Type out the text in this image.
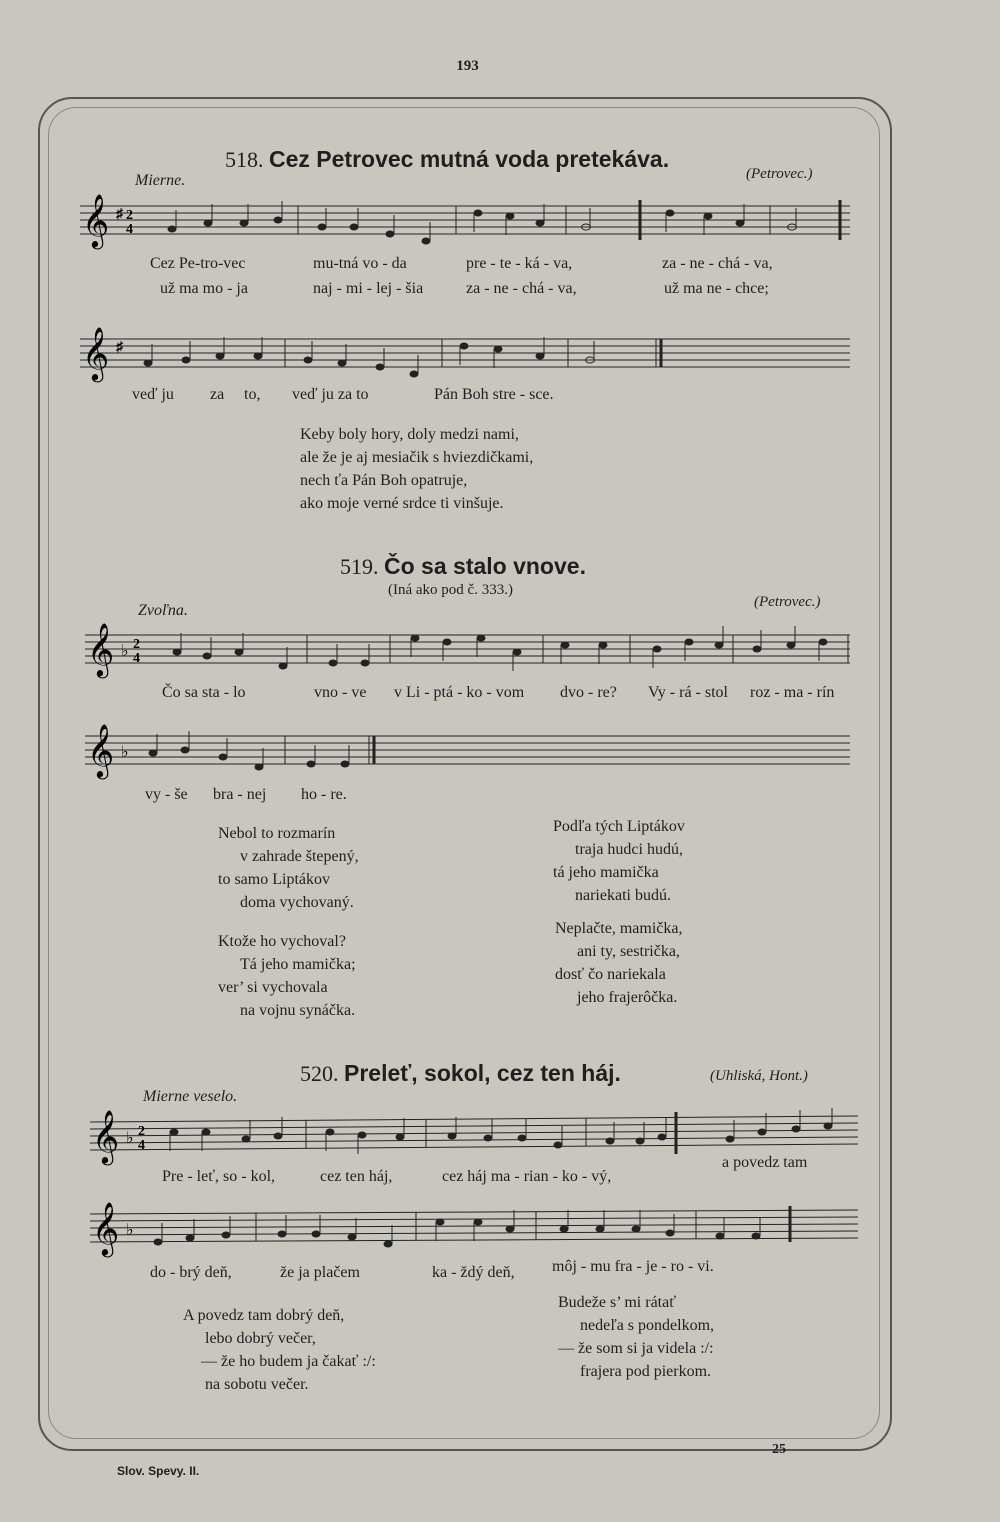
193
518. Cez Petrovec mutná voda pretekáva.
Mierne.	(Petrovec.)
𝄞 ♯ 2
4
Cez Pe-tro-vec	mu-tná vo - da	pre - te - ká - va,	za - ne - chá - va,
už ma mo - ja	naj - mi - lej - šia	za - ne - chá - va,	už ma ne - chce;
𝄞 ♯
veď ju za to, veď ju za to	Pán Boh stre - sce.
Keby boly hory, doly medzi nami,
ale že je aj mesiačik s hviezdičkami,
nech ťa Pán Boh opatruje,
ako moje verné srdce ti vinšuje.
519. Čo sa stalo vnove.
(Iná ako pod č. 333.)
Zvoľna.	(Petrovec.)
𝄞 ♭ 2
4
Čo sa sta - lo	vno - ve v Li - ptá - ko - vom dvo - re? Vy - rá - stol roz - ma - rín
𝄞 ♭
vy - še bra - nej ho - re.
Nebol to rozmarín
v zahrade štepený,
to samo Liptákov
doma vychovaný.
Ktože ho vychoval?
Tá jeho mamička;
ver’ si vychovala
na vojnu synáčka.
Podľa tých Liptákov
traja hudci hudú,
tá jeho mamička
nariekati budú.
Neplačte, mamička,
ani ty, sestrička,
dosť čo nariekala
jeho frajerôčka.
520. Preleť, sokol, cez ten háj.
Mierne veselo.
(Uhliská, Hont.)
𝄞 ♭ 2
4
Pre - leť, so - kol,	cez ten háj,	cez háj ma - rian - ko - vý,
a povedz tam
𝄞 ♭
do - brý deň,	že ja plačem	ka - ždý deň, môj - mu fra - je - ro - vi.
A povedz tam dobrý deň,
lebo dobrý večer,
— že ho budem ja čakať :/:
na sobotu večer.
Budeže s’ mi rátať
nedeľa s pondelkom,
— že som si ja videla :/:
frajera pod pierkom.
Slov. Spevy. II.
25
